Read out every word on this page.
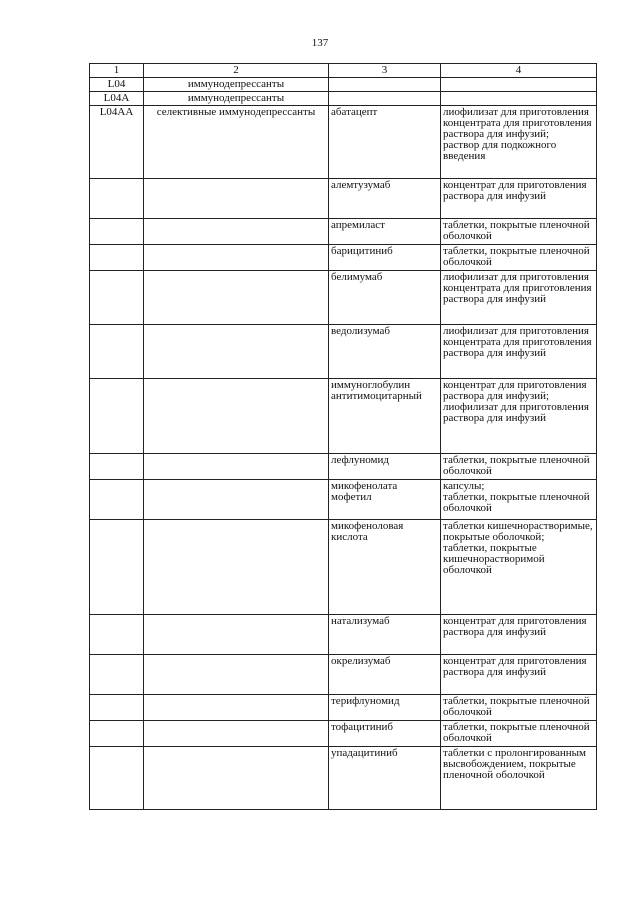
137
1	2	3	4

L04	иммунодепрессанты		

L04A	иммунодепрессанты		

L04AA	селективные иммунодепрессанты	абатацепт	лиофилизат для приготовления концентрата для приготовления раствора для инфузий;
раствор для подкожного введения

		алемтузумаб	концентрат для приготовления раствора для инфузий

		апремиласт	таблетки, покрытые пленочной оболочкой

		барицитиниб	таблетки, покрытые пленочной оболочкой

		белимумаб	лиофилизат для приготовления концентрата для приготовления раствора для инфузий

		ведолизумаб	лиофилизат для приготовления концентрата для приготовления раствора для инфузий

		иммуноглобулин антитимоцитарный	концентрат для приготовления раствора для инфузий;
лиофилизат для приготовления раствора для инфузий

		лефлуномид	таблетки, покрытые пленочной оболочкой

		микофенолата мофетил	капсулы;
таблетки, покрытые пленочной оболочкой

		микофеноловая кислота	таблетки кишечнорастворимые, покрытые оболочкой;
таблетки, покрытые кишечнорастворимой оболочкой

		натализумаб	концентрат для приготовления раствора для инфузий

		окрелизумаб	концентрат для приготовления раствора для инфузий

		терифлуномид	таблетки, покрытые пленочной оболочкой

		тофацитиниб	таблетки, покрытые пленочной оболочкой

		упадацитиниб	таблетки с пролонгированным высвобождением, покрытые пленочной оболочкой
